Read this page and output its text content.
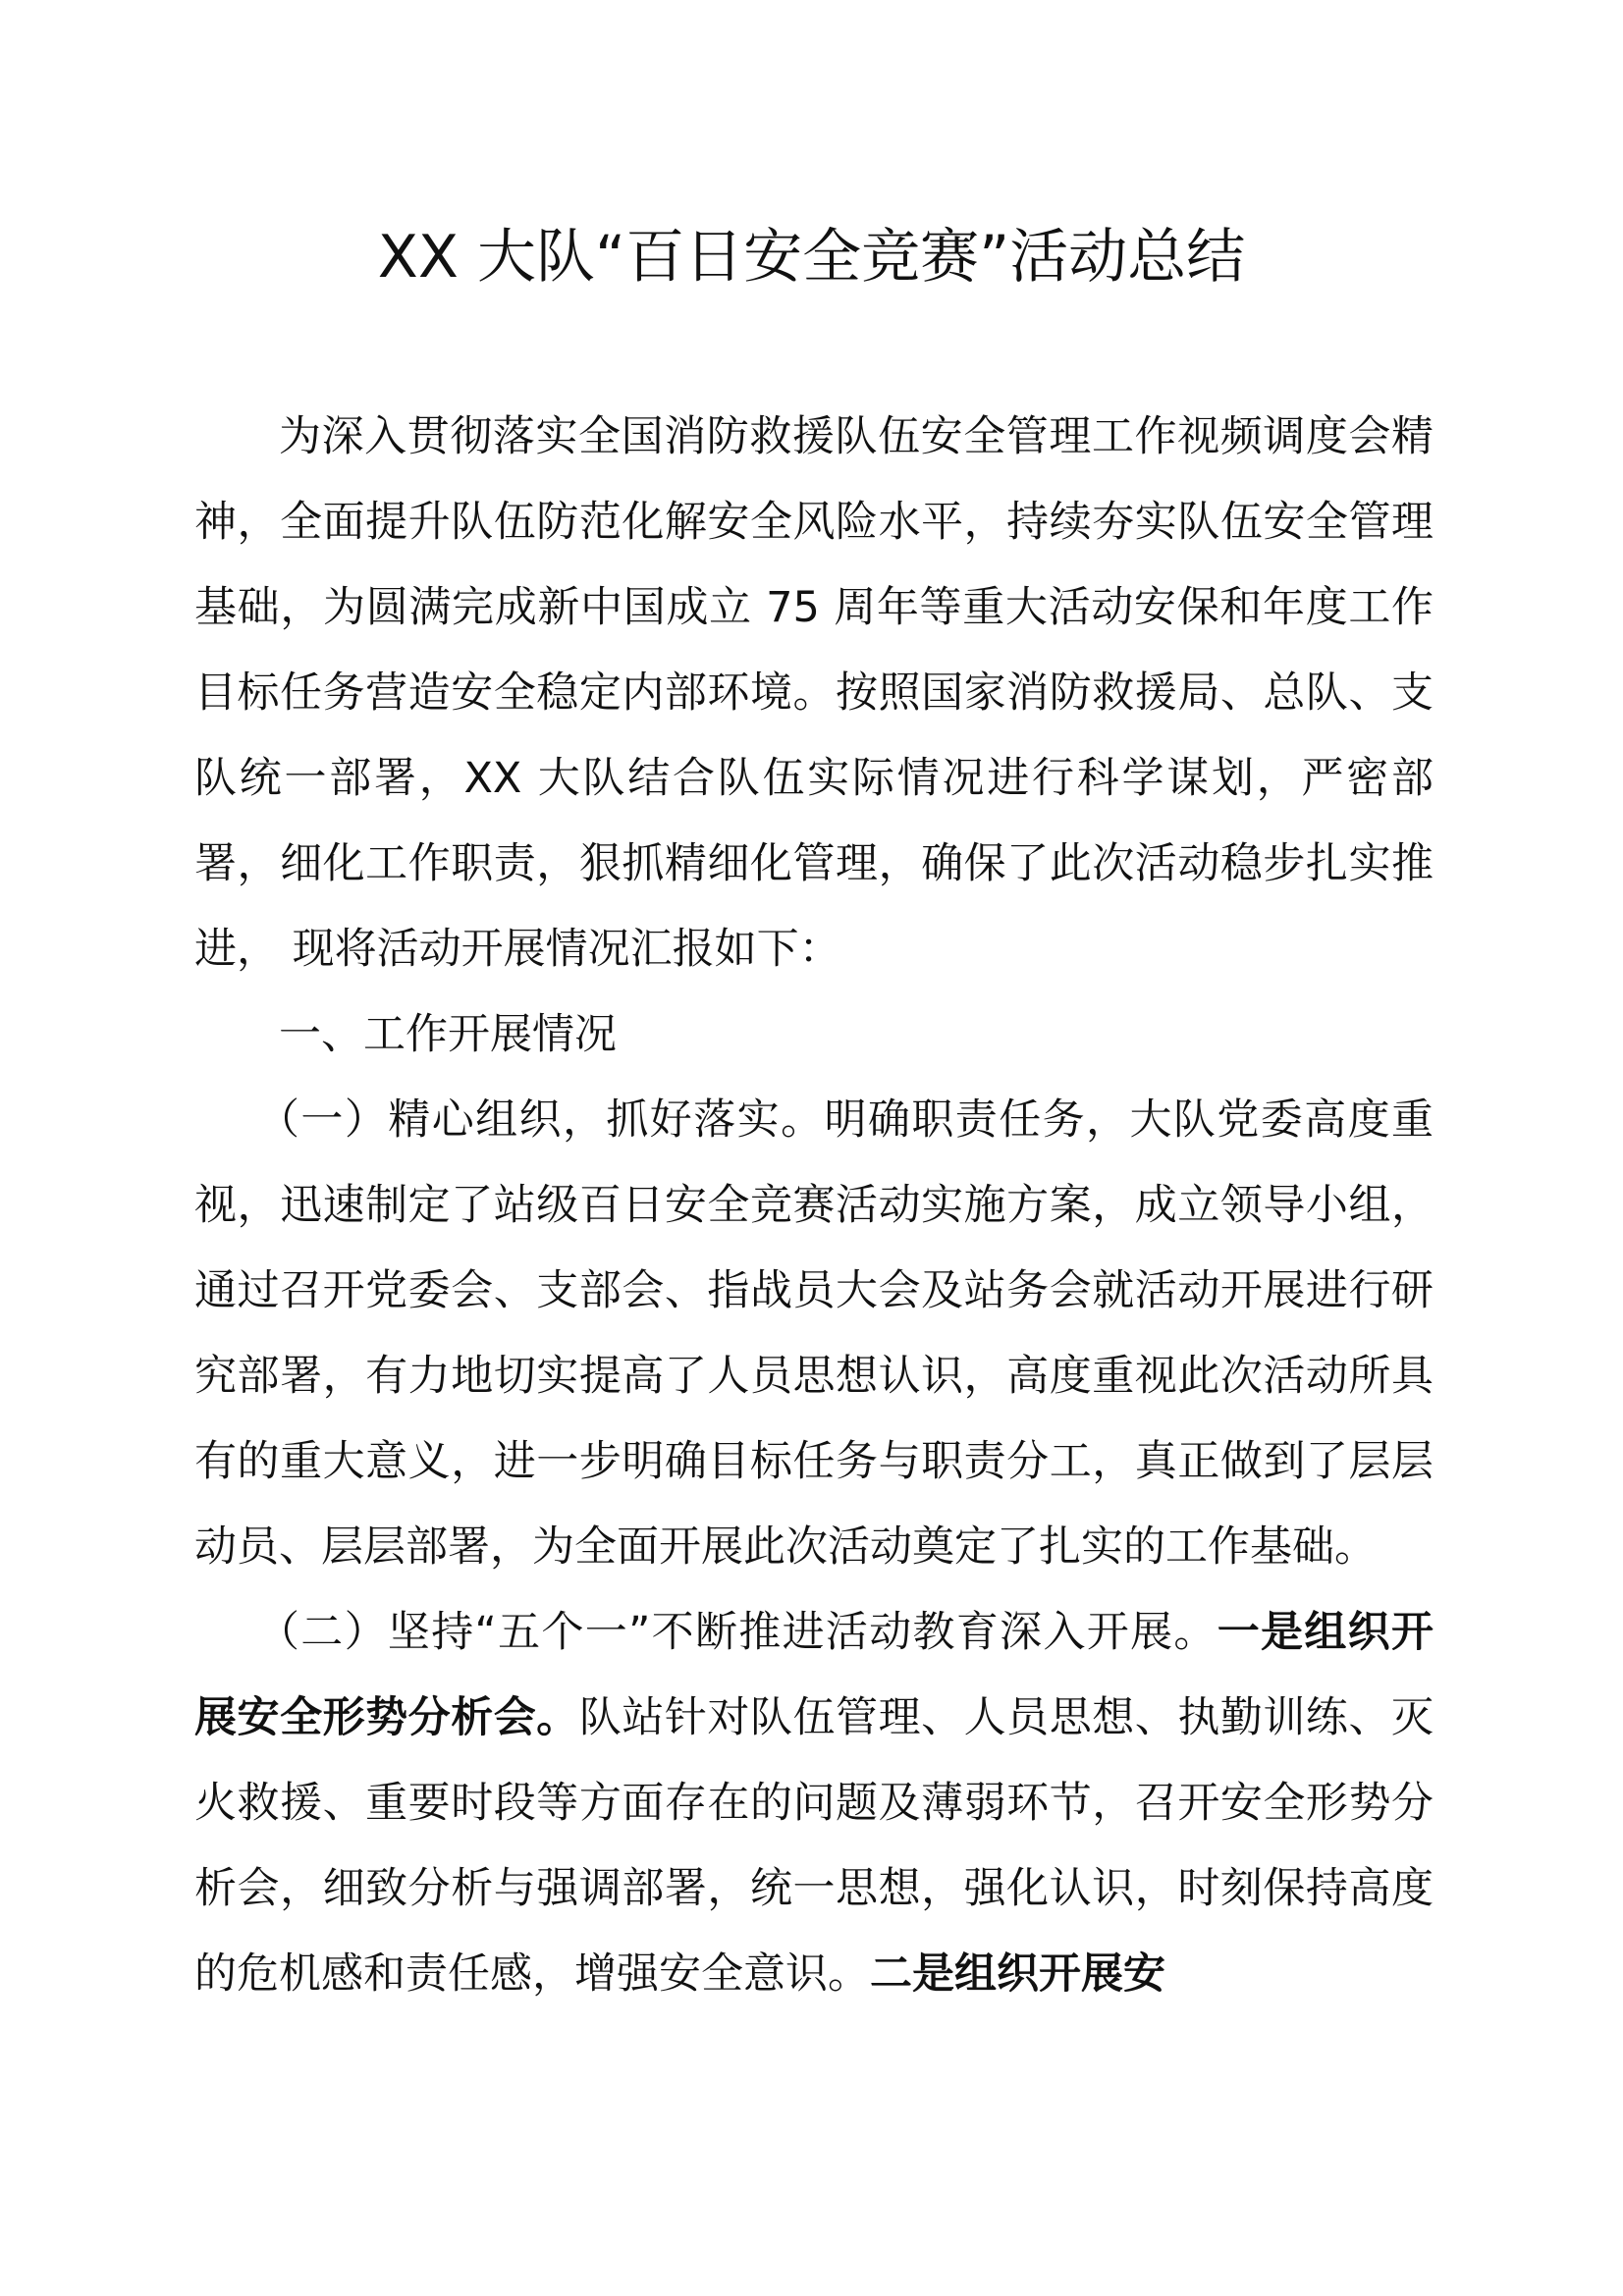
XX 大队“百日安全竞赛”活动总结

为深入贯彻落实全国消防救援队伍安全管理工作视频调度会精神，全面提升队伍防范化解安全风险水平，持续夯实队伍安全管理基础，为圆满完成新中国成立 75 周年等重大活动安保和年度工作目标任务营造安全稳定内部环境。按照国家消防救援局、总队、支队统一部署，XX 大队结合队伍实际情况进行科学谋划，严密部署，细化工作职责，狠抓精细化管理，确保了此次活动稳步扎实推进， 现将活动开展情况汇报如下：

一、工作开展情况

（一）精心组织，抓好落实。明确职责任务，大队党委高度重视，迅速制定了站级百日安全竞赛活动实施方案，成立领导小组，通过召开党委会、支部会、指战员大会及站务会就活动开展进行研究部署，有力地切实提高了人员思想认识，高度重视此次活动所具有的重大意义，进一步明确目标任务与职责分工，真正做到了层层动员、层层部署，为全面开展此次活动奠定了扎实的工作基础。

（二）坚持“五个一”不断推进活动教育深入开展。一是组织开展安全形势分析会。队站针对队伍管理、人员思想、执勤训练、灭火救援、重要时段等方面存在的问题及薄弱环节，召开安全形势分析会，细致分析与强调部署，统一思想，强化认识，时刻保持高度的危机感和责任感，增强安全意识。二是组织开展安
